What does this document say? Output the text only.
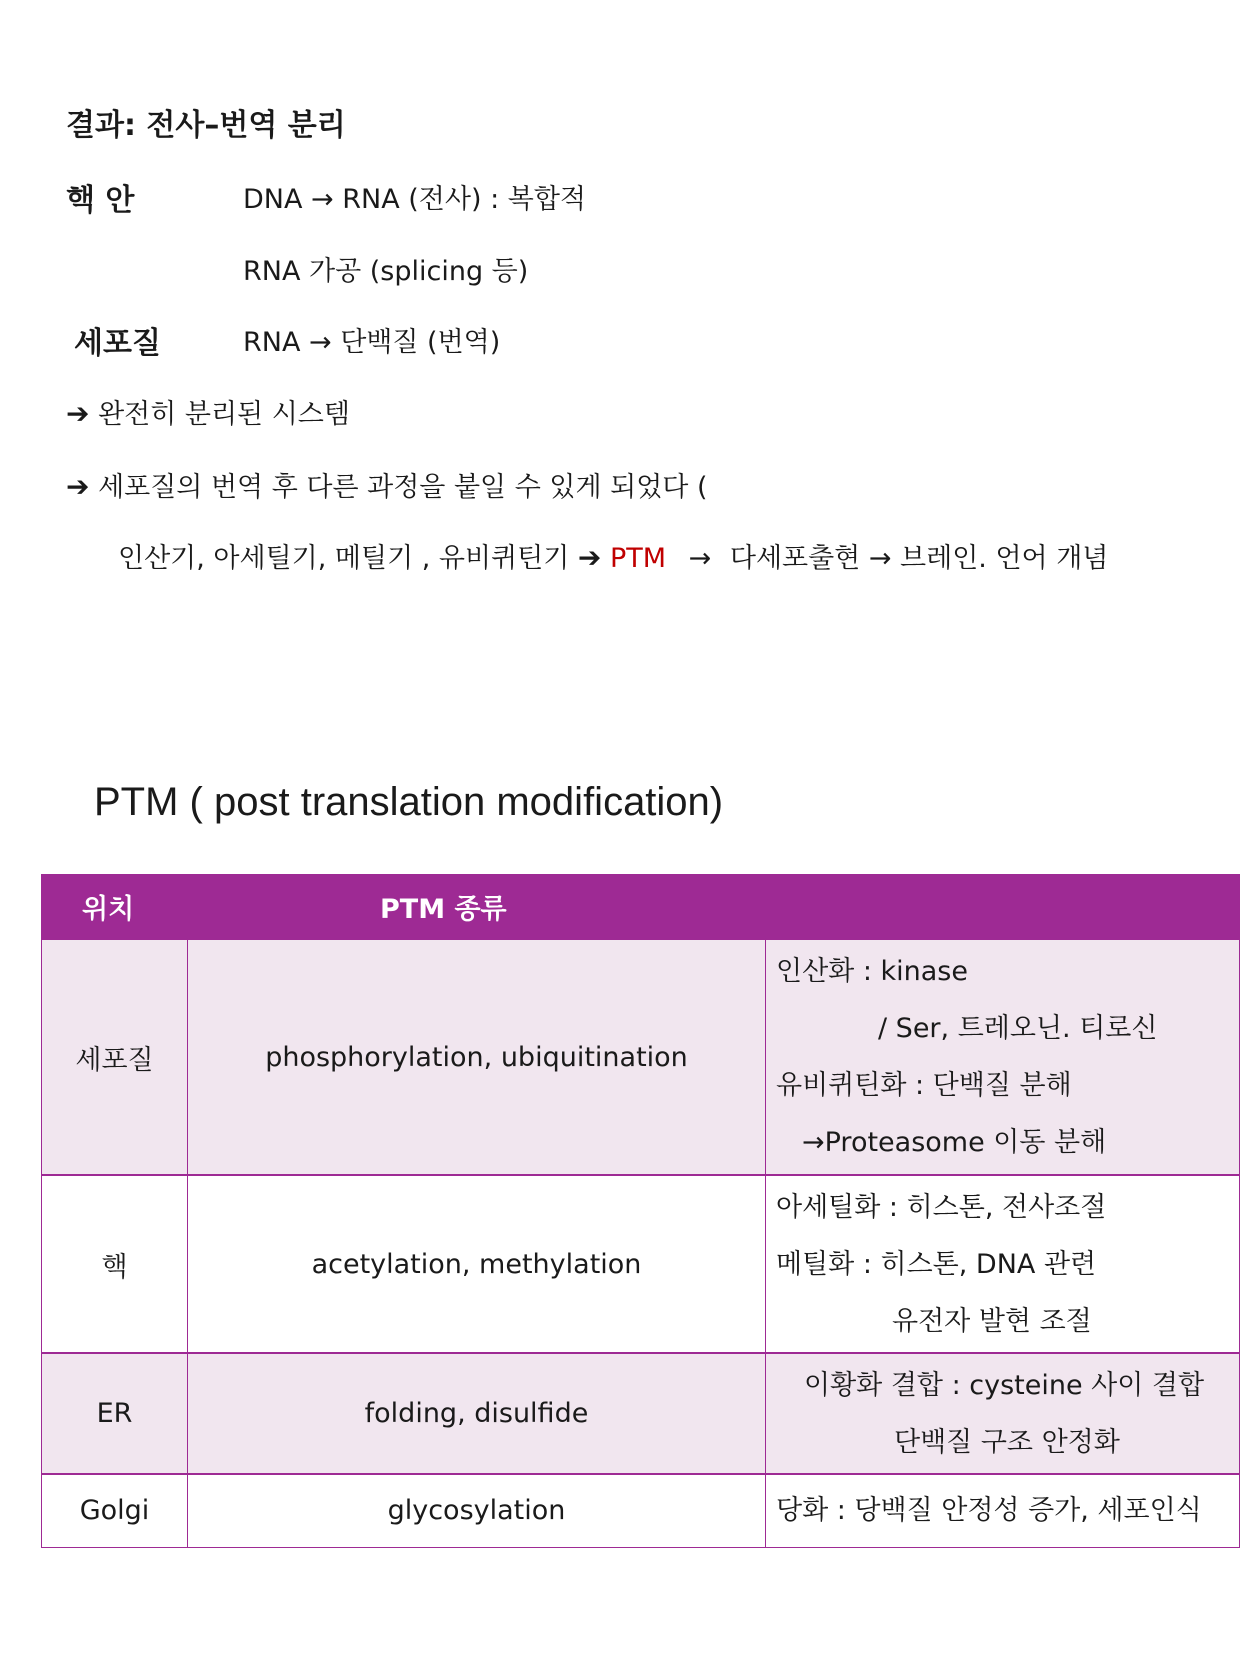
결과: 전사–번역 분리
핵 안	DNA → RNA (전사) : 복합적
RNA 가공 (splicing 등)
세포질	RNA → 단백질 (번역)
➔ 완전히 분리된 시스템
➔ 세포질의 번역 후 다른 과정을 붙일 수 있게 되었다 (
인산기, 아세틸기, 메틸기 , 유비퀴틴기 ➔ PTM → 다세포출현 → 브레인. 언어 개념
PTM ( post translation modification)
위치	PTM 종류	
세포질	phosphorylation, ubiquitination	인산화 : kinase
/ Ser, 트레오닌. 티로신
유비퀴틴화 : 단백질 분해
→Proteasome 이동 분해

핵	acetylation, methylation	아세틸화 : 히스톤, 전사조절
메틸화 : 히스톤, DNA 관련
유전자 발현 조절

ER	folding, disulfide	이황화 결합 : cysteine 사이 결합
단백질 구조 안정화

Golgi	glycosylation	당화 : 당백질 안정성 증가, 세포인식
